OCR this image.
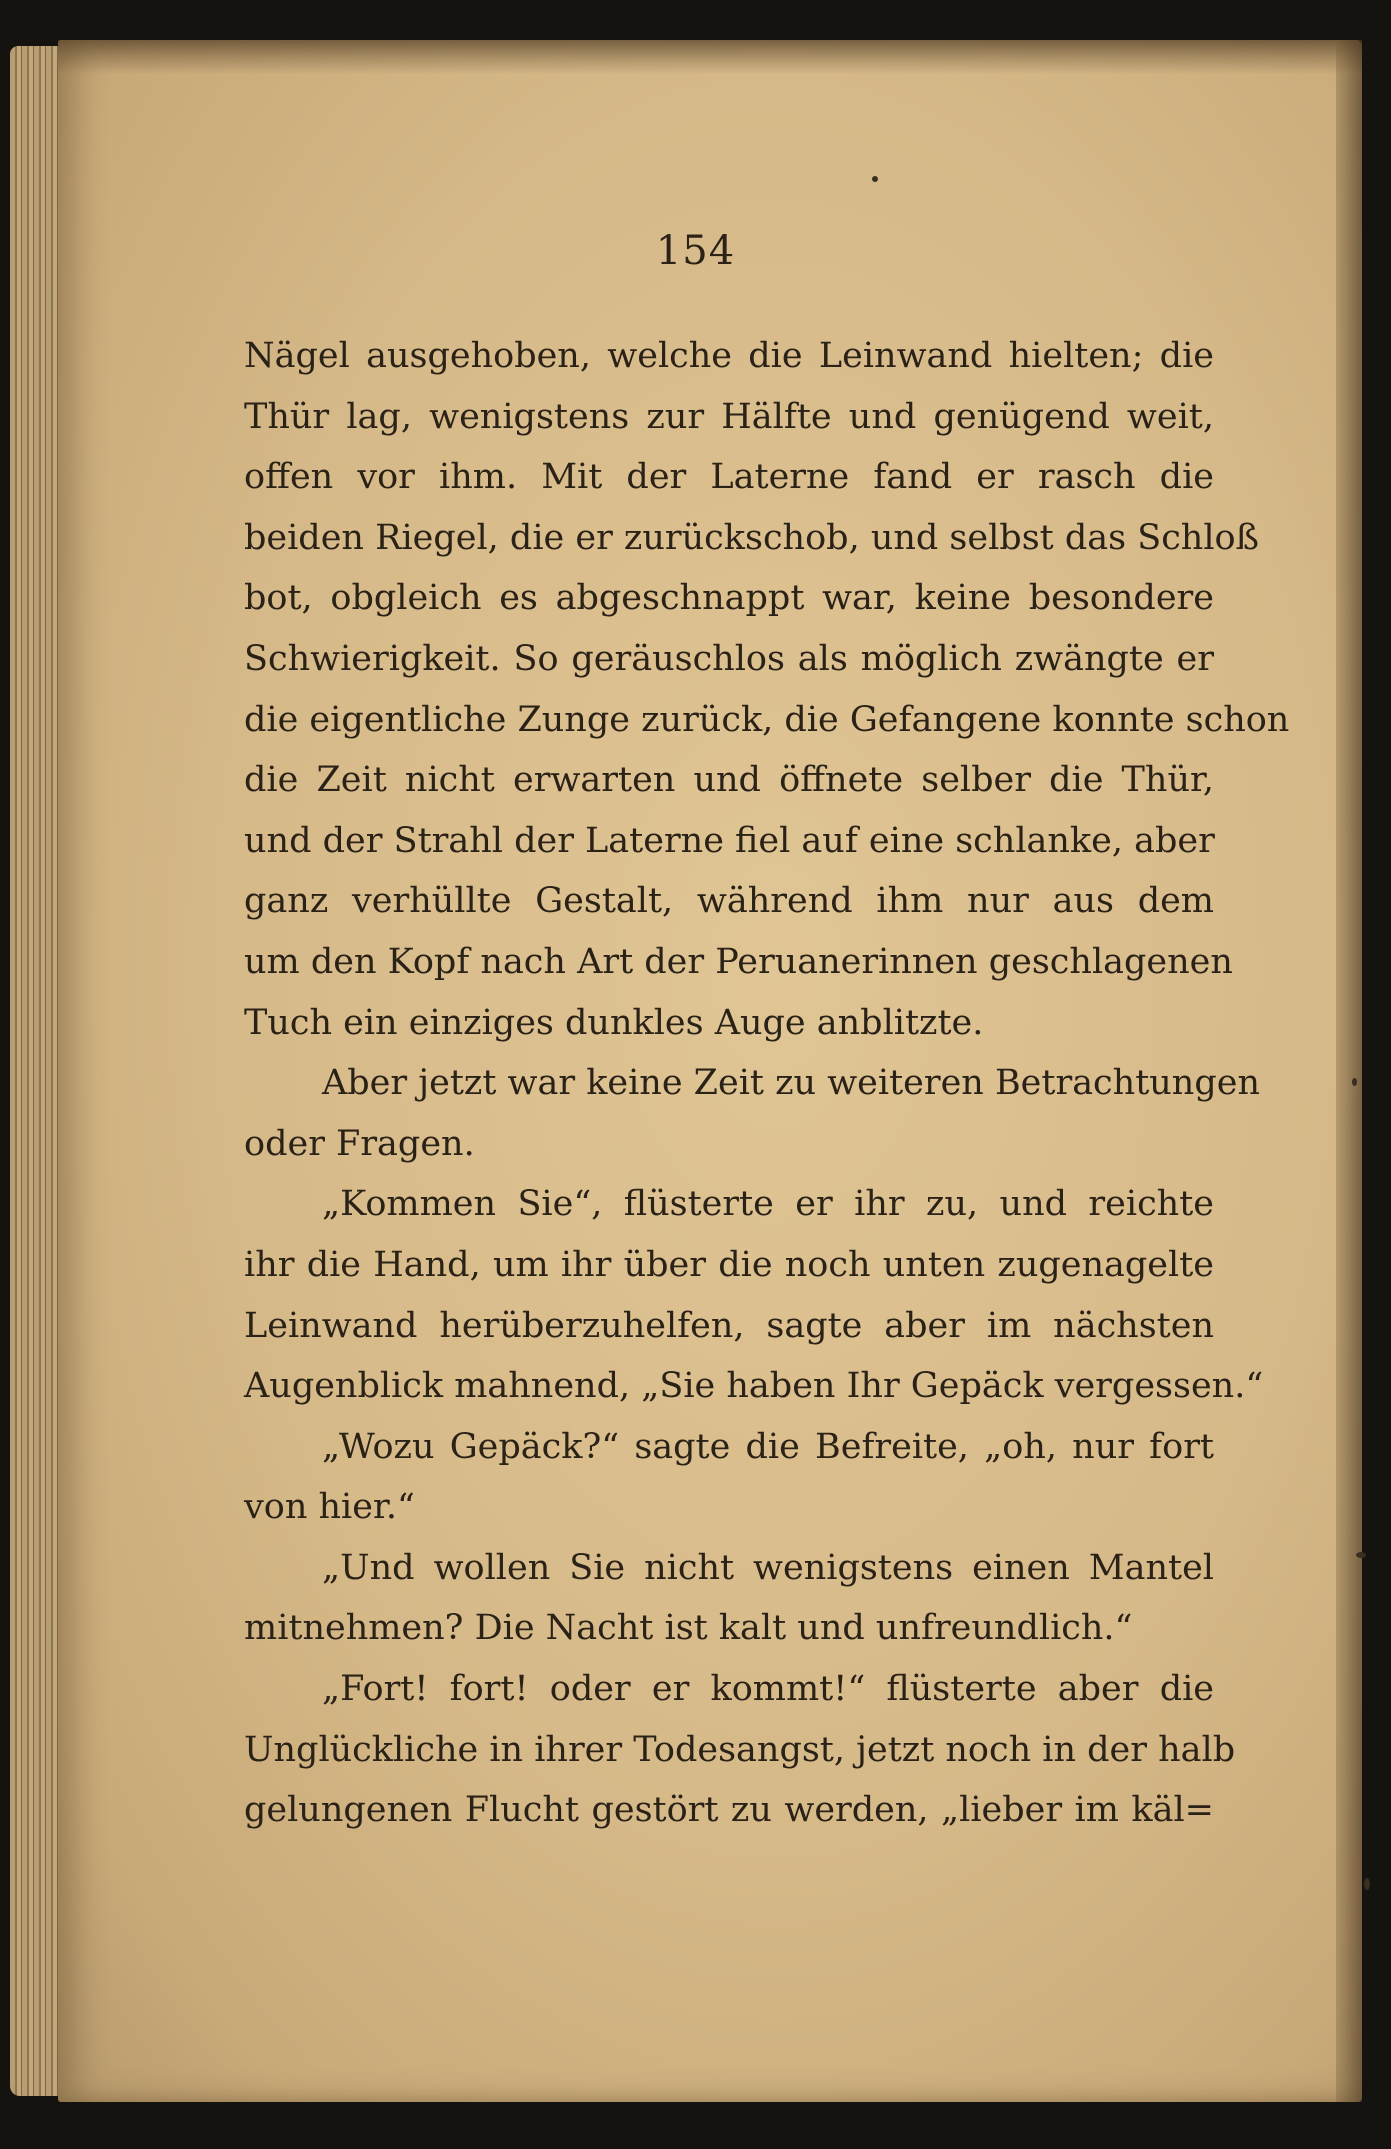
154
Nägel ausgehoben, welche die Leinwand hielten; die
Thür lag, wenigstens zur Hälfte und genügend weit,
offen vor ihm. Mit der Laterne fand er rasch die
beiden Riegel, die er zurückschob, und selbst das Schloß
bot, obgleich es abgeschnappt war, keine besondere
Schwierigkeit. So geräuschlos als möglich zwängte er
die eigentliche Zunge zurück, die Gefangene konnte schon
die Zeit nicht erwarten und öffnete selber die Thür,
und der Strahl der Laterne fiel auf eine schlanke, aber
ganz verhüllte Gestalt, während ihm nur aus dem
um den Kopf nach Art der Peruanerinnen geschlagenen
Tuch ein einziges dunkles Auge anblitzte.
Aber jetzt war keine Zeit zu weiteren Betrachtungen
oder Fragen.
„Kommen Sie“, flüsterte er ihr zu, und reichte
ihr die Hand, um ihr über die noch unten zugenagelte
Leinwand herüberzuhelfen, sagte aber im nächsten
Augenblick mahnend, „Sie haben Ihr Gepäck vergessen.“
„Wozu Gepäck?“ sagte die Befreite, „oh, nur fort
von hier.“
„Und wollen Sie nicht wenigstens einen Mantel
mitnehmen? Die Nacht ist kalt und unfreundlich.“
„Fort! fort! oder er kommt!“ flüsterte aber die
Unglückliche in ihrer Todesangst, jetzt noch in der halb
gelungenen Flucht gestört zu werden, „lieber im käl=
